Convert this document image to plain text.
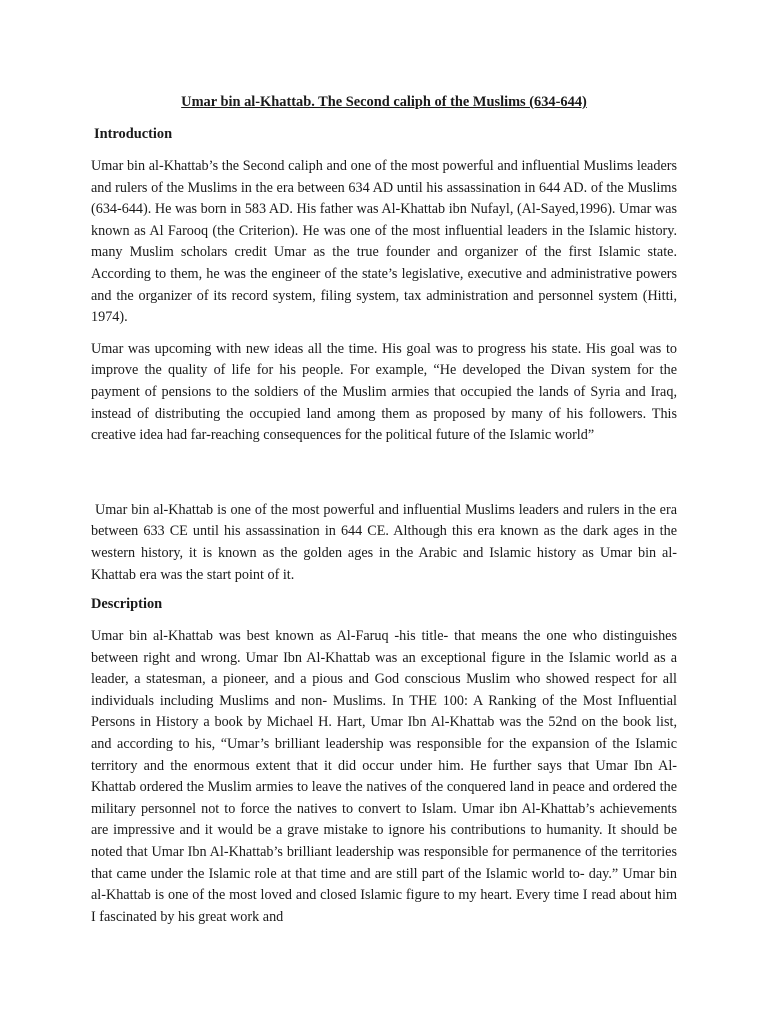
Umar bin al-Khattab. The Second caliph of the Muslims (634-644)
Introduction

Umar bin al-Khattab’s the Second caliph and one of the most powerful and influential Muslims leaders and rulers of the Muslims in the era between 634 AD until his assassination in 644 AD. of the Muslims (634-644). He was born in 583 AD. His father was Al-Khattab ibn Nufayl, (Al-Sayed,1996). Umar was known as Al Farooq (the Criterion). He was one of the most influential leaders in the Islamic history. many Muslim scholars credit Umar as the true founder and organizer of the first Islamic state. According to them, he was the engineer of the state’s legislative, executive and administrative powers and the organizer of its record system, filing system, tax administration and personnel system (Hitti, 1974).

Umar was upcoming with new ideas all the time. His goal was to progress his state. His goal was to improve the quality of life for his people. For example, “He developed the Divan system for the payment of pensions to the soldiers of the Muslim armies that occupied the lands of Syria and Iraq, instead of distributing the occupied land among them as proposed by many of his followers. This creative idea had far-reaching consequences for the political future of the Islamic world”

Umar bin al-Khattab is one of the most powerful and influential Muslims leaders and rulers in the era between 633 CE until his assassination in 644 CE. Although this era known as the dark ages in the western history, it is known as the golden ages in the Arabic and Islamic history as Umar bin al-Khattab era was the start point of it.

Description

Umar bin al-Khattab was best known as Al-Faruq -his title- that means the one who distinguishes between right and wrong. Umar Ibn Al-Khattab was an exceptional figure in the Islamic world as a leader, a statesman, a pioneer, and a pious and God conscious Muslim who showed respect for all individuals including Muslims and non- Muslims. In THE 100: A Ranking of the Most Influential Persons in History a book by Michael H. Hart, Umar Ibn Al-Khattab was the 52nd on the book list, and according to his, “Umar’s brilliant leadership was responsible for the expansion of the Islamic territory and the enormous extent that it did occur under him. He further says that Umar Ibn Al-Khattab ordered the Muslim armies to leave the natives of the conquered land in peace and ordered the military personnel not to force the natives to convert to Islam. Umar ibn Al-Khattab’s achievements are impressive and it would be a grave mistake to ignore his contributions to humanity. It should be noted that Umar Ibn Al-Khattab’s brilliant leadership was responsible for permanence of the territories that came under the Islamic role at that time and are still part of the Islamic world to- day.” Umar bin al-Khattab is one of the most loved and closed Islamic figure to my heart. Every time I read about him I fascinated by his great work and
